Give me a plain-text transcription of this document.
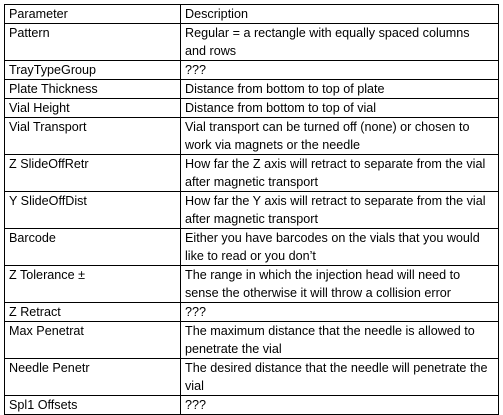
Parameter	Description
Pattern	Regular = a rectangle with equally spaced columns and rows
TrayTypeGroup	???
Plate Thickness	Distance from bottom to top of plate
Vial Height	Distance from bottom to top of vial
Vial Transport	Vial transport can be turned off (none) or chosen to work via magnets or the needle
Z SlideOffRetr	How far the Z axis will retract to separate from the vial after magnetic transport
Y SlideOffDist	How far the Y axis will retract to separate from the vial after magnetic transport
Barcode	Either you have barcodes on the vials that you would like to read or you don’t
Z Tolerance ±	The range in which the injection head will need to sense the otherwise it will throw a collision error
Z Retract	???
Max Penetrat	The maximum distance that the needle is allowed to penetrate the vial
Needle Penetr	The desired distance that the needle will penetrate the vial
Spl1 Offsets	???
